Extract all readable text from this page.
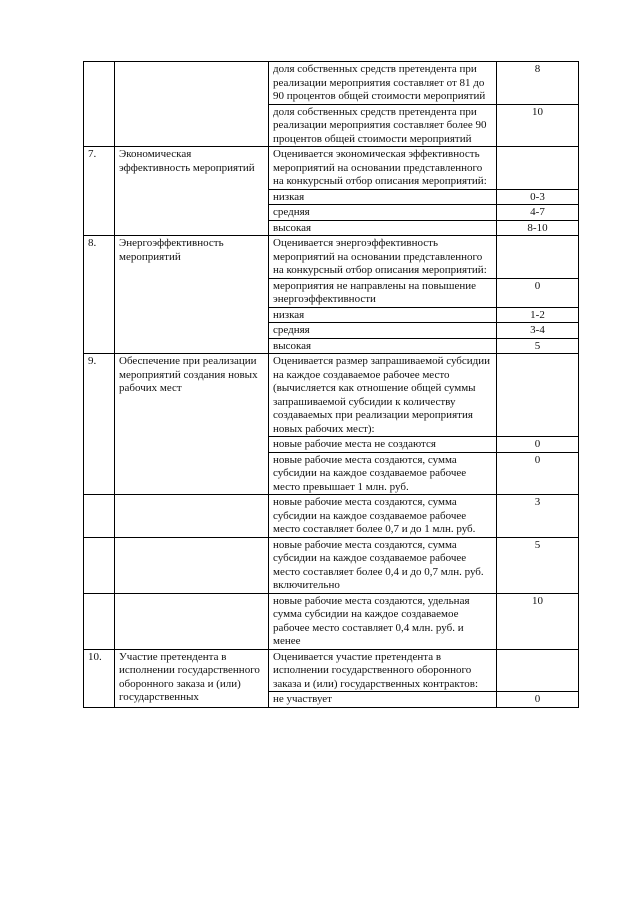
		доля собственных средств претендента при реализации мероприятия составляет от 81 до 90 процентов общей стоимости мероприятий	8
		доля собственных средств претендента при реализации мероприятия составляет более 90 процентов общей стоимости мероприятий	10
7.	Экономическая эффективность мероприятий	Оценивается экономическая эффективность мероприятий на основании представленного на конкурсный отбор описания мероприятий:	
		низкая	0-3
		средняя	4-7
		высокая	8-10
8.	Энергоэффективность мероприятий	Оценивается энергоэффективность мероприятий на основании представленного на конкурсный отбор описания мероприятий:	
		мероприятия не направлены на повышение энергоэффективности	0
		низкая	1-2
		средняя	3-4
		высокая	5
9.	Обеспечение при реализации мероприятий создания новых рабочих мест	Оценивается размер запрашиваемой субсидии на каждое создаваемое рабочее место (вычисляется как отношение общей суммы запрашиваемой субсидии к количеству создаваемых при реализации мероприятия новых рабочих мест):	
		новые рабочие места не создаются	0
		новые рабочие места создаются, сумма субсидии на каждое создаваемое рабочее место превышает 1 млн. руб.	0
		новые рабочие места создаются, сумма субсидии на каждое создаваемое рабочее место составляет более 0,7 и до 1 млн. руб.	3
		новые рабочие места создаются, сумма субсидии на каждое создаваемое рабочее место составляет более 0,4 и до 0,7 млн. руб. включительно	5
		новые рабочие места создаются, удельная сумма субсидии на каждое создаваемое рабочее место составляет 0,4 млн. руб. и менее	10
10.	Участие претендента в исполнении государственного оборонного заказа и (или) государственных	Оценивается участие претендента в исполнении государственного оборонного заказа и (или) государственных контрактов:	
		не участвует	0
